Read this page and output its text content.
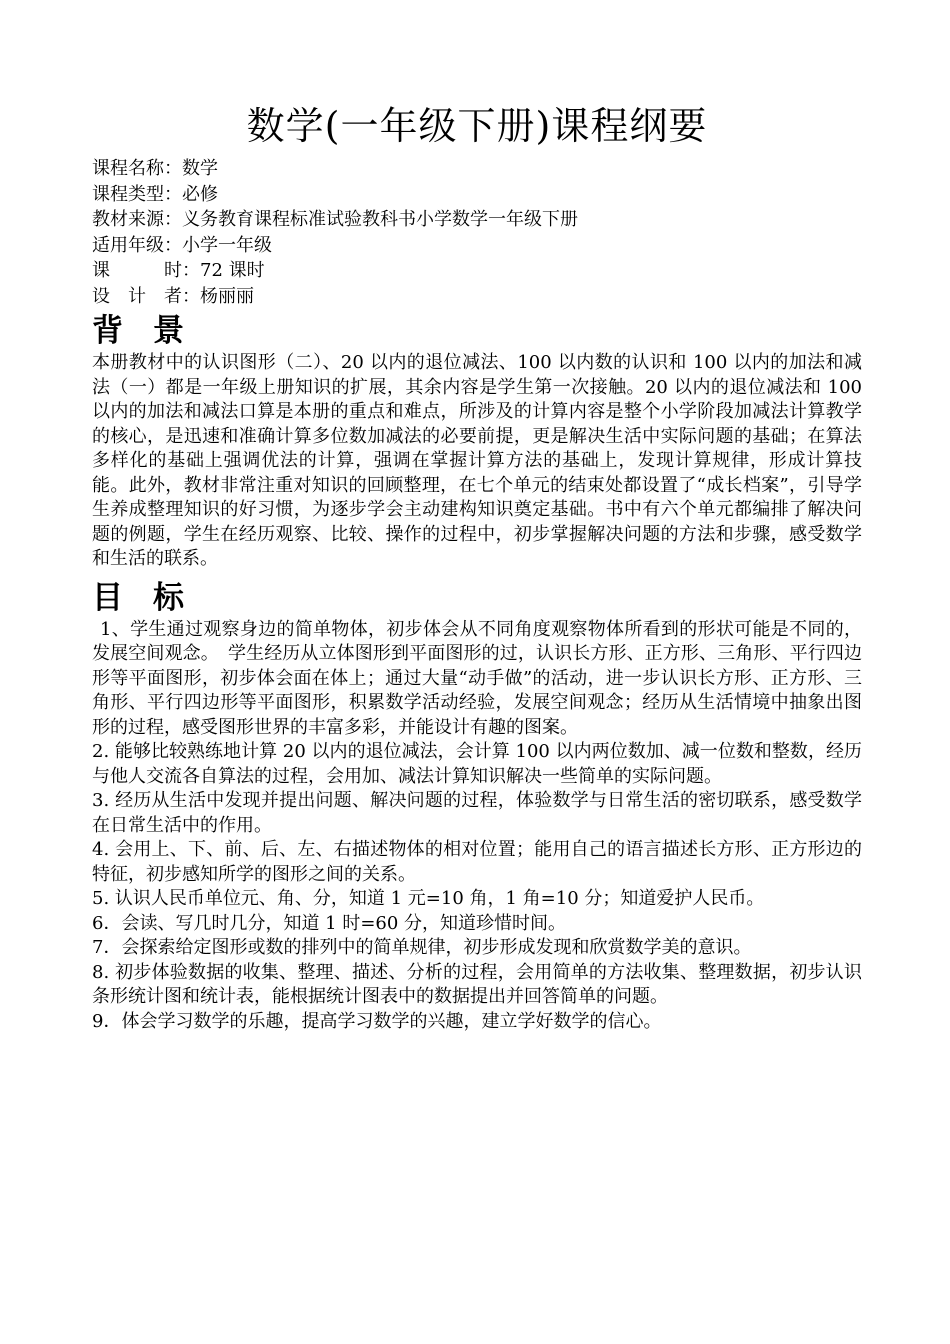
数学(一年级下册)课程纲要
课程名称：数学
课程类型：必修
教材来源：义务教育课程标准试验教科书小学数学一年级下册
适用年级：小学一年级
课　　　时：72 课时
设　计　者：杨丽丽
背景

本册教材中的认识图形（二）、20 以内的退位减法、100 以内数的认识和 100 以内的加法和减法（一）都是一年级上册知识的扩展，其余内容是学生第一次接触。20 以内的退位减法和 100 以内的加法和减法口算是本册的重点和难点，所涉及的计算内容是整个小学阶段加减法计算教学的核心，是迅速和准确计算多位数加减法的必要前提，更是解决生活中实际问题的基础；在算法多样化的基础上强调优法的计算，强调在掌握计算方法的基础上，发现计算规律，形成计算技能。此外，教材非常注重对知识的回顾整理，在七个单元的结束处都设置了“成长档案”，引导学生养成整理知识的好习惯，为逐步学会主动建构知识奠定基础。书中有六个单元都编排了解决问题的例题，学生在经历观察、比较、操作的过程中，初步掌握解决问题的方法和步骤，感受数学和生活的联系。

目标

1、学生通过观察身边的简单物体，初步体会从不同角度观察物体所看到的形状可能是不同的，发展空间观念。　学生经历从立体图形到平面图形的过，认识长方形、正方形、三角形、平行四边形等平面图形，初步体会面在体上；通过大量“动手做”的活动，进一步认识长方形、正方形、三角形、平行四边形等平面图形，积累数学活动经验，发展空间观念；经历从生活情境中抽象出图形的过程，感受图形世界的丰富多彩，并能设计有趣的图案。

2. 能够比较熟练地计算 20 以内的退位减法，会计算 100 以内两位数加、减一位数和整数，经历与他人交流各自算法的过程，会用加、减法计算知识解决一些简单的实际问题。

3. 经历从生活中发现并提出问题、解决问题的过程，体验数学与日常生活的密切联系，感受数学在日常生活中的作用。

4. 会用上、下、前、后、左、右描述物体的相对位置；能用自己的语言描述长方形、正方形边的特征，初步感知所学的图形之间的关系。

5. 认识人民币单位元、角、分，知道 1 元=10 角，1 角=10 分；知道爱护人民币。

6．会读、写几时几分，知道 1 时=60 分，知道珍惜时间。

7．会探索给定图形或数的排列中的简单规律，初步形成发现和欣赏数学美的意识。

8. 初步体验数据的收集、整理、描述、分析的过程，会用简单的方法收集、整理数据，初步认识条形统计图和统计表，能根据统计图表中的数据提出并回答简单的问题。

9．体会学习数学的乐趣，提高学习数学的兴趣，建立学好数学的信心。
